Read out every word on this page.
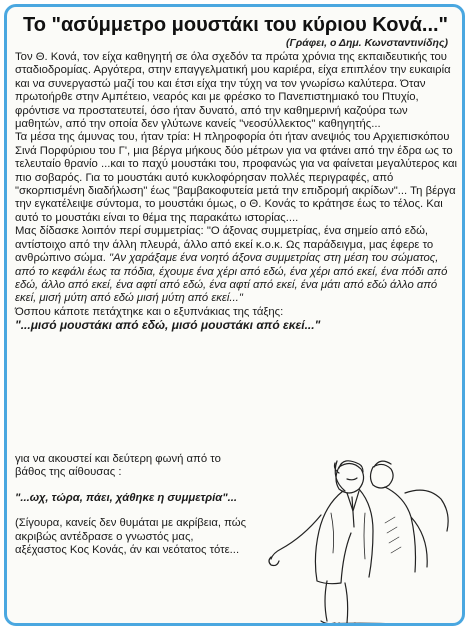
Το "ασύμμετρο μουστάκι του κύριου Κονά..."
(Γράφει, ο Δημ. Κωνσταντινίδης)

Τον Θ. Κονά, τον είχα καθηγητή σε όλα σχεδόν τα πρώτα χρόνια της εκπαιδευτικής του σταδιοδρομίας. Αργότερα, στην επαγγελματική μου καριέρα, είχα επιπλέον την ευκαιρία και να συνεργαστώ μαζί του και έτσι είχα την τύχη να τον γνωρίσω καλύτερα. Όταν πρωτοήρθε στην Αμπέτειο, νεαρός και με φρέσκο το Πανεπιστημιακό του Πτυχίο, φρόντισε να προστατευτεί, όσο ήταν δυνατό, από την καθημερινή καζούρα των μαθητών, από την οποία δεν γλύτωνε κανείς "νεοσύλλεκτος" καθηγητής...

Τα μέσα της άμυνας του, ήταν τρία: Η πληροφορία ότι ήταν ανεψιός του Αρχιεπισκόπου Σινά Πορφύριου του Γ', μια βέργα μήκους δύο μέτρων για να φτάνει από την έδρα ως το τελευταίο θρανίο ...και το παχύ μουστάκι του, προφανώς για να φαίνεται μεγαλύτερος και πιο σοβαρός. Για το μουστάκι αυτό κυκλοφόρησαν πολλές περιγραφές, από "σκορπισμένη διαδήλωση" έως "βαμβακοφυτεία μετά την επιδρομή ακρίδων"... Τη βέργα την εγκατέλειψε σύντομα, το μουστάκι όμως, ο Θ. Κονάς το κράτησε έως το τέλος. Και αυτό το μουστάκι είναι το θέμα της παρακάτω ιστορίας....

Μας δίδασκε λοιπόν περί συμμετρίας: "Ο άξονας συμμετρίας, ένα σημείο από εδώ, αντίστοιχο από την άλλη πλευρά, άλλο από εκεί κ.ο.κ. Ως παράδειγμα, μας έφερε το ανθρώπινο σώμα. "Αν χαράξαμε ένα νοητό άξονα συμμετρίας στη μέση του σώματος, από το κεφάλι έως τα πόδια, έχουμε ένα χέρι από εδώ, ένα χέρι από εκεί, ένα πόδι από εδώ, άλλο από εκεί, ένα αφτί από εδώ, ένα αφτί από εκεί, ένα μάτι από εδώ άλλο από εκεί, μισή μύτη από εδώ μισή μύτη από εκεί..."

Όσπου κάποτε πετάχτηκε και ο εξυπνάκιας της τάξης:

"...μισό μουστάκι από εδώ, μισό μουστάκι από εκεί..."

για να ακουστεί και δεύτερη φωνή από το βάθος της αίθουσας :

"...ωχ, τώρα, πάει, χάθηκε η συμμετρία"...

(Σίγουρα, κανείς δεν θυμάται με ακρίβεια, πώς ακριβώς αντέδρασε ο γνωστός μας, αξέχαστος Κος Κονάς, άν και νεότατος τότε...
